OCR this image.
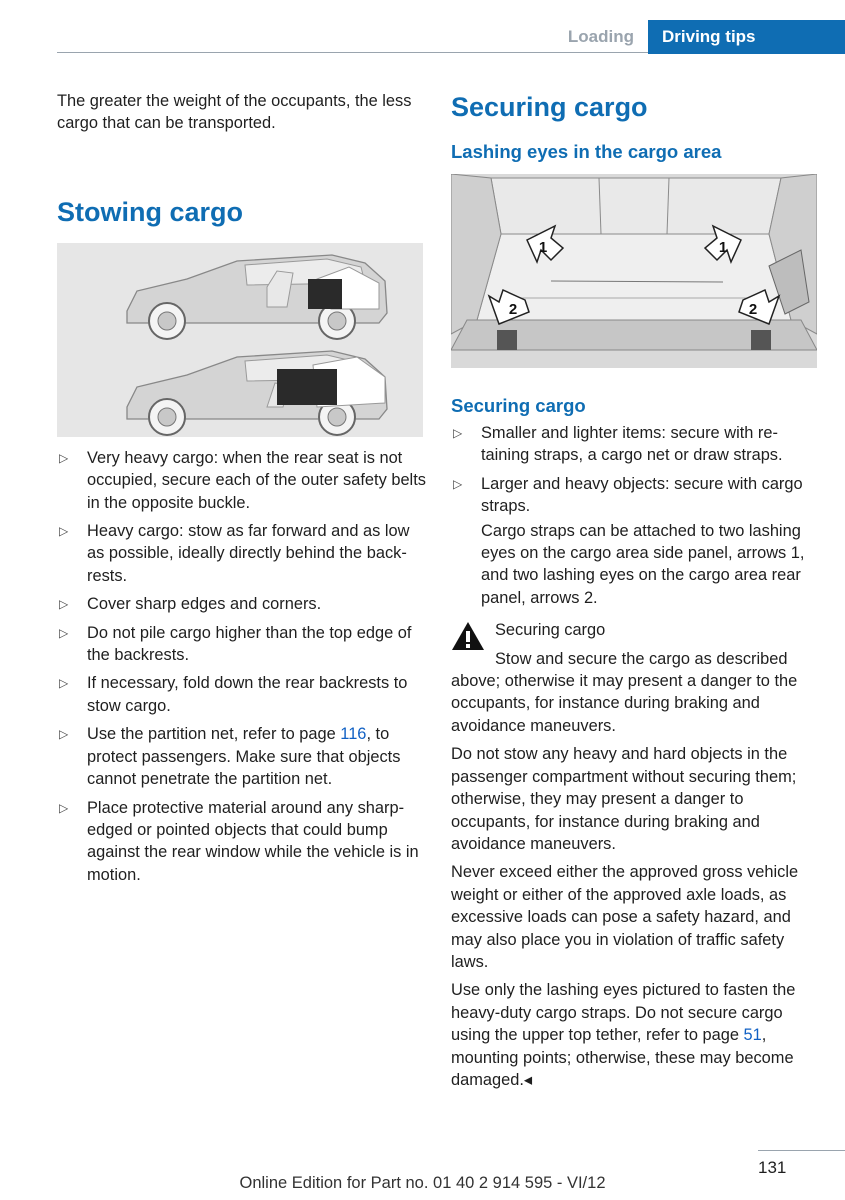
Loading	Driving tips

The greater the weight of the occupants, the less cargo that can be transported.

Stowing cargo
▷ Very heavy cargo: when the rear seat is not occupied, secure each of the outer safety belts in the opposite buckle.
▷ Heavy cargo: stow as far forward and as low as possible, ideally directly behind the back-rests.
▷ Cover sharp edges and corners.
▷ Do not pile cargo higher than the top edge of the backrests.
▷ If necessary, fold down the rear backrests to stow cargo.
▷ Use the partition net, refer to page 116, to protect passengers. Make sure that objects cannot penetrate the partition net.
▷ Place protective material around any sharp-edged or pointed objects that could bump against the rear window while the vehicle is in motion.
Securing cargo
Lashing eyes in the cargo area
1	1
2	2
Securing cargo
▷ Smaller and lighter items: secure with re-taining straps, a cargo net or draw straps.
▷ Larger and heavy objects: secure with cargo straps.

Cargo straps can be attached to two lashing eyes on the cargo area side panel, arrows 1, and two lashing eyes on the cargo area rear panel, arrows 2.

Securing cargo

Stow and secure the cargo as described above; otherwise it may present a danger to the occupants, for instance during braking and avoidance maneuvers.

Do not stow any heavy and hard objects in the passenger compartment without securing them; otherwise, they may present a danger to occupants, for instance during braking and avoidance maneuvers.

Never exceed either the approved gross vehicle weight or either of the approved axle loads, as excessive loads can pose a safety hazard, and may also place you in violation of traffic safety laws.

Use only the lashing eyes pictured to fasten the heavy-duty cargo straps. Do not secure cargo using the upper top tether, refer to page 51, mounting points; otherwise, these may become damaged.◂

131
Online Edition for Part no. 01 40 2 914 595 - VI/12
